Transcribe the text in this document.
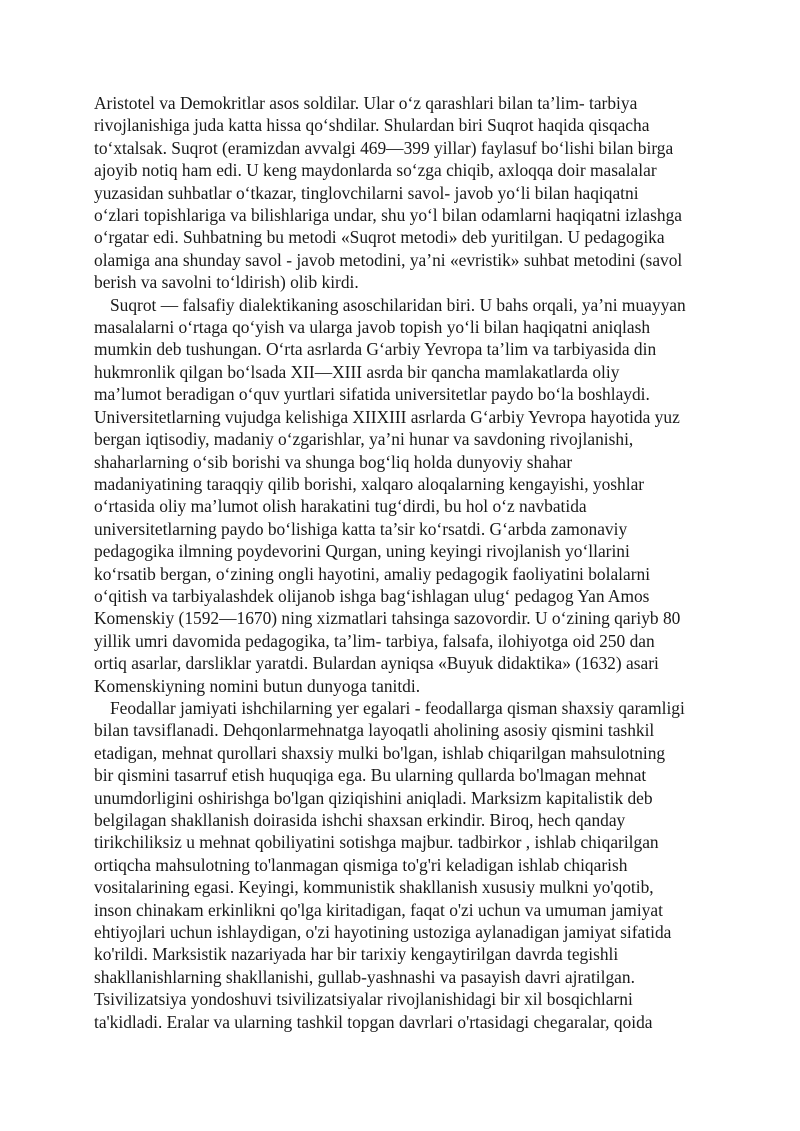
Aristotel va Demokritlar asos soldilar. Ular o‘z qarashlari bilan ta’lim- tarbiya
rivojlanishiga juda katta hissa qo‘shdilar. Shulardan biri Suqrot haqida qisqacha
to‘xtalsak. Suqrot (eramizdan avvalgi 469—399 yillar) faylasuf bo‘lishi bilan birga
ajoyib notiq ham edi. U keng maydonlarda so‘zga chiqib, axloqqa doir masalalar
yuzasidan suhbatlar o‘tkazar, tinglovchilarni savol- javob yo‘li bilan haqiqatni
o‘zlari topishlariga va bilishlariga undar, shu yo‘l bilan odamlarni haqiqatni izlashga
o‘rgatar edi. Suhbatning bu metodi «Suqrot metodi» deb yuritilgan. U pedagogika
olamiga ana shunday savol - javob metodini, ya’ni «evristik» suhbat metodini (savol
berish va savolni to‘ldirish) olib kirdi.

Suqrot — falsafiy dialektikaning asoschilaridan biri. U bahs orqali, ya’ni muayyan
masalalarni o‘rtaga qo‘yish va ularga javob topish yo‘li bilan haqiqatni aniqlash
mumkin deb tushungan. O‘rta asrlarda G‘arbiy Yevropa ta’lim va tarbiyasida din
hukmronlik qilgan bo‘lsada XII—XIII asrda bir qancha mamlakatlarda oliy
ma’lumot beradigan o‘quv yurtlari sifatida universitetlar paydo bo‘la boshlaydi.
Universitetlarning vujudga kelishiga XIIXIII asrlarda G‘arbiy Yevropa hayotida yuz
bergan iqtisodiy, madaniy o‘zgarishlar, ya’ni hunar va savdoning rivojlanishi,
shaharlarning o‘sib borishi va shunga bog‘liq holda dunyoviy shahar
madaniyatining taraqqiy qilib borishi, xalqaro aloqalarning kengayishi, yoshlar
o‘rtasida oliy ma’lumot olish harakatini tug‘dirdi, bu hol o‘z navbatida
universitetlarning paydo bo‘lishiga katta ta’sir ko‘rsatdi. G‘arbda zamonaviy
pedagogika ilmning poydevorini Qurgan, uning keyingi rivojlanish yo‘llarini
ko‘rsatib bergan, o‘zining ongli hayotini, amaliy pedagogik faoliyatini bolalarni
o‘qitish va tarbiyalashdek olijanob ishga bag‘ishlagan ulug‘ pedagog Yan Amos
Komenskiy (1592—1670) ning xizmatlari tahsinga sazovordir. U o‘zining qariyb 80
yillik umri davomida pedagogika, ta’lim- tarbiya, falsafa, ilohiyotga oid 250 dan
ortiq asarlar, darsliklar yaratdi. Bulardan ayniqsa «Buyuk didaktika» (1632) asari
Komenskiyning nomini butun dunyoga tanitdi.

Feodallar jamiyati ishchilarning yer egalari - feodallarga qisman shaxsiy qaramligi
bilan tavsiflanadi. Dehqonlarmehnatga layoqatli aholining asosiy qismini tashkil
etadigan, mehnat qurollari shaxsiy mulki bo'lgan, ishlab chiqarilgan mahsulotning
bir qismini tasarruf etish huquqiga ega. Bu ularning qullarda bo'lmagan mehnat
unumdorligini oshirishga bo'lgan qiziqishini aniqladi. Marksizm kapitalistik deb
belgilagan shakllanish doirasida ishchi shaxsan erkindir. Biroq, hech qanday
tirikchiliksiz u mehnat qobiliyatini sotishga majbur. tadbirkor , ishlab chiqarilgan
ortiqcha mahsulotning to'lanmagan qismiga to'g'ri keladigan ishlab chiqarish
vositalarining egasi. Keyingi, kommunistik shakllanish xususiy mulkni yo'qotib,
inson chinakam erkinlikni qo'lga kiritadigan, faqat o'zi uchun va umuman jamiyat
ehtiyojlari uchun ishlaydigan, o'zi hayotining ustoziga aylanadigan jamiyat sifatida
ko'rildi. Marksistik nazariyada har bir tarixiy kengaytirilgan davrda tegishli
shakllanishlarning shakllanishi, gullab-yashnashi va pasayish davri ajratilgan.
Tsivilizatsiya yondoshuvi tsivilizatsiyalar rivojlanishidagi bir xil bosqichlarni
ta'kidladi. Eralar va ularning tashkil topgan davrlari o'rtasidagi chegaralar, qoida
